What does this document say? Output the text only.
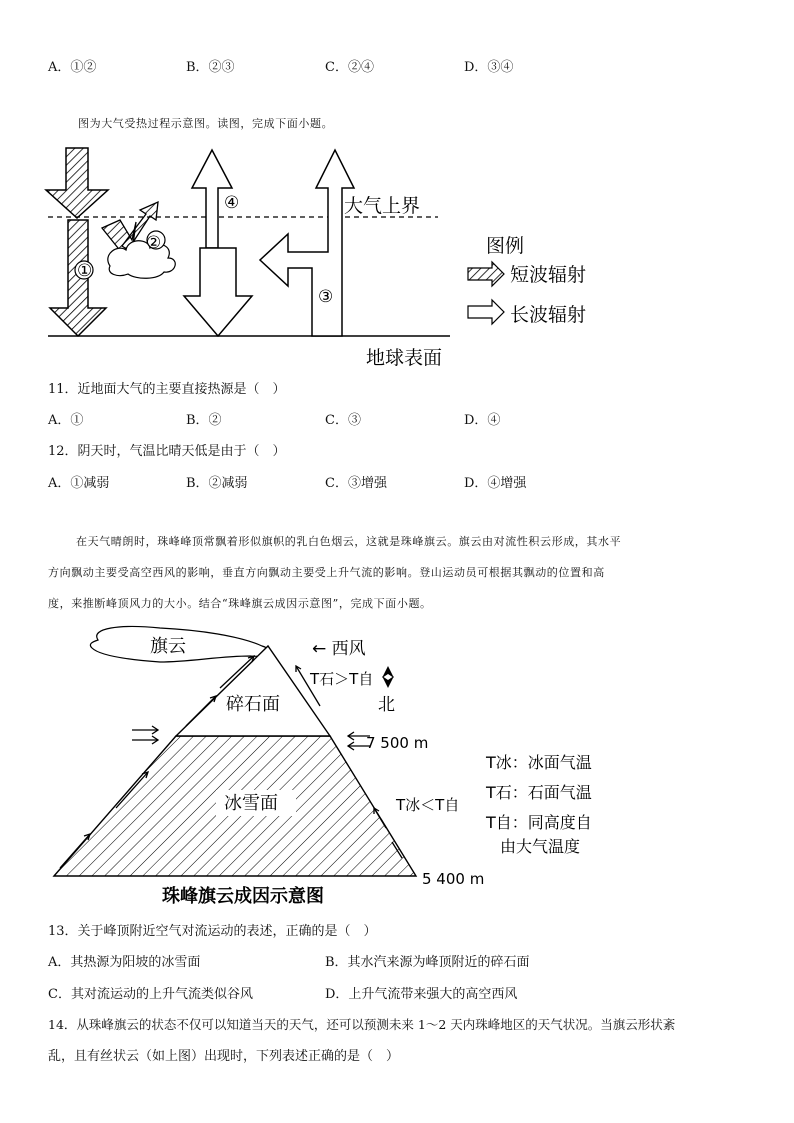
A．①②	B．②③	C．②④	D．③④
图为大气受热过程示意图。读图，完成下面小题。
①
②
④
③
大气上界
地球表面
图例
短波辐射
长波辐射
11．近地面大气的主要直接热源是（　）
A．①	B．②	C．③	D．④
12．阴天时，气温比晴天低是由于（　）
A．①减弱	B．②减弱	C．③增强	D．④增强
在天气晴朗时，珠峰峰顶常飘着形似旗帜的乳白色烟云，这就是珠峰旗云。旗云由对流性积云形成，其水平
方向飘动主要受高空西风的影响，垂直方向飘动主要受上升气流的影响。登山运动员可根据其飘动的位置和高
度，来推断峰顶风力的大小。结合“珠峰旗云成因示意图”，完成下面小题。
旗云
冰雪面
碎石面
← 西风
T石＞T自
北
7 500 m
T冰＜T自
5 400 m
T冰：冰面气温
T石：石面气温
T自：同高度自
由大气温度
珠峰旗云成因示意图
13．关于峰顶附近空气对流运动的表述，正确的是（　）
A．其热源为阳坡的冰雪面	B．其水汽来源为峰顶附近的碎石面
C．其对流运动的上升气流类似谷风	D．上升气流带来强大的高空西风
14．从珠峰旗云的状态不仅可以知道当天的天气，还可以预测未来 1～2 天内珠峰地区的天气状况。当旗云形状紊
乱，且有丝状云（如上图）出现时，下列表述正确的是（　）
